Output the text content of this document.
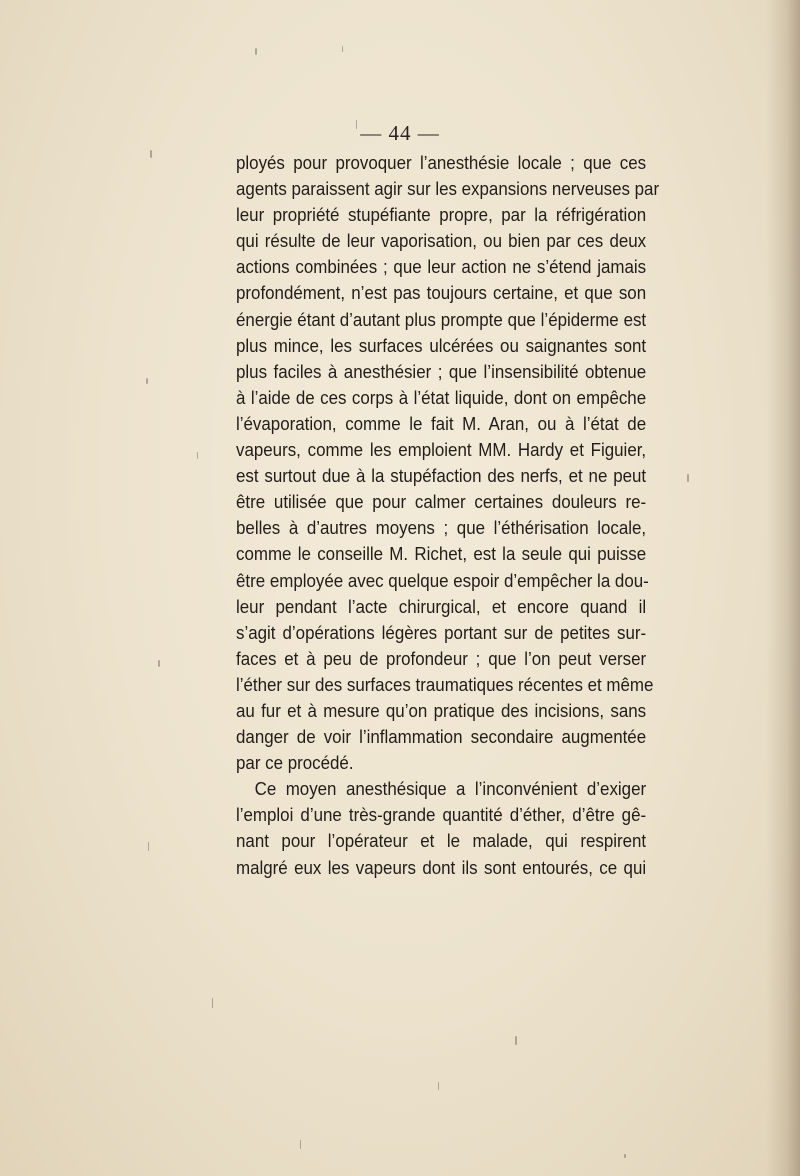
— 44 —
ployés pour provoquer l’anesthésie locale ; que ces
agents paraissent agir sur les expansions nerveuses par
leur propriété stupéfiante propre, par la réfrigération
qui résulte de leur vaporisation, ou bien par ces deux
actions combinées ; que leur action ne s’étend jamais
profondément, n’est pas toujours certaine, et que son
énergie étant d’autant plus prompte que l’épiderme est
plus mince, les surfaces ulcérées ou saignantes sont
plus faciles à anesthésier ; que l’insensibilité obtenue
à l’aide de ces corps à l’état liquide, dont on empêche
l’évaporation, comme le fait M. Aran, ou à l’état de
vapeurs, comme les emploient MM. Hardy et Figuier,
est surtout due à la stupéfaction des nerfs, et ne peut
être utilisée que pour calmer certaines douleurs re-
belles à d’autres moyens ; que l’éthérisation locale,
comme le conseille M. Richet, est la seule qui puisse
être employée avec quelque espoir d’empêcher la dou-
leur pendant l’acte chirurgical, et encore quand il
s’agit d’opérations légères portant sur de petites sur-
faces et à peu de profondeur ; que l’on peut verser
l’éther sur des surfaces traumatiques récentes et même
au fur et à mesure qu’on pratique des incisions, sans
danger de voir l’inflammation secondaire augmentée
par ce procédé.
Ce moyen anesthésique a l’inconvénient d’exiger
l’emploi d’une très-grande quantité d’éther, d’être gê-
nant pour l’opérateur et le malade, qui respirent
malgré eux les vapeurs dont ils sont entourés, ce qui
